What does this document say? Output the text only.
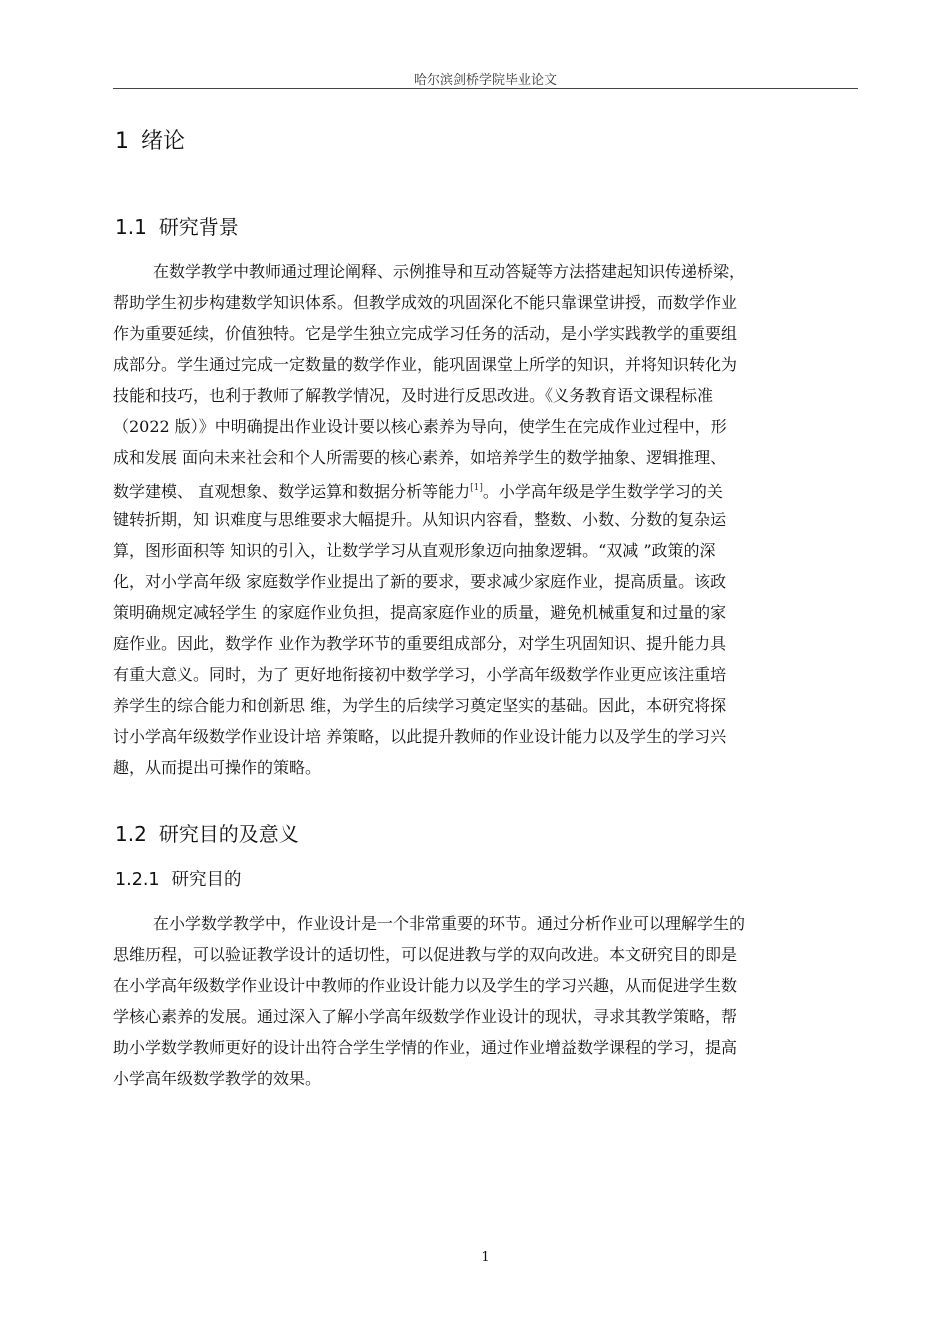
哈尔滨剑桥学院毕业论文
1 绪论
1.1 研究背景
在数学教学中教师通过理论阐释、示例推导和互动答疑等方法搭建起知识传递桥梁，
帮助学生初步构建数学知识体系。但教学成效的巩固深化不能只靠课堂讲授，而数学作业
作为重要延续，价值独特。它是学生独立完成学习任务的活动，是小学实践教学的重要组
成部分。学生通过完成一定数量的数学作业，能巩固课堂上所学的知识，并将知识转化为
技能和技巧，也利于教师了解教学情况，及时进行反思改进。《义务教育语文课程标准
（2022 版）》中明确提出作业设计要以核心素养为导向，使学生在完成作业过程中，形
成和发展 面向未来社会和个人所需要的核心素养，如培养学生的数学抽象、逻辑推理、
数学建模、 直观想象、数学运算和数据分析等能力[1]。小学高年级是学生数学学习的关
键转折期，知 识难度与思维要求大幅提升。从知识内容看，整数、小数、分数的复杂运
算，图形面积等 知识的引入，让数学学习从直观形象迈向抽象逻辑。“双减 ”政策的深
化，对小学高年级 家庭数学作业提出了新的要求，要求减少家庭作业，提高质量。该政
策明确规定减轻学生 的家庭作业负担，提高家庭作业的质量，避免机械重复和过量的家
庭作业。因此，数学作 业作为教学环节的重要组成部分，对学生巩固知识、提升能力具
有重大意义。同时，为了 更好地衔接初中数学学习，小学高年级数学作业更应该注重培
养学生的综合能力和创新思 维，为学生的后续学习奠定坚实的基础。因此，本研究将探
讨小学高年级数学作业设计培 养策略，以此提升教师的作业设计能力以及学生的学习兴
趣，从而提出可操作的策略。
1.2 研究目的及意义
1.2.1 研究目的
在小学数学教学中，作业设计是一个非常重要的环节。通过分析作业可以理解学生的
思维历程，可以验证教学设计的适切性，可以促进教与学的双向改进。本文研究目的即是
在小学高年级数学作业设计中教师的作业设计能力以及学生的学习兴趣，从而促进学生数
学核心素养的发展。通过深入了解小学高年级数学作业设计的现状，寻求其教学策略，帮
助小学数学教师更好的设计出符合学生学情的作业，通过作业增益数学课程的学习，提高
小学高年级数学教学的效果。
1
